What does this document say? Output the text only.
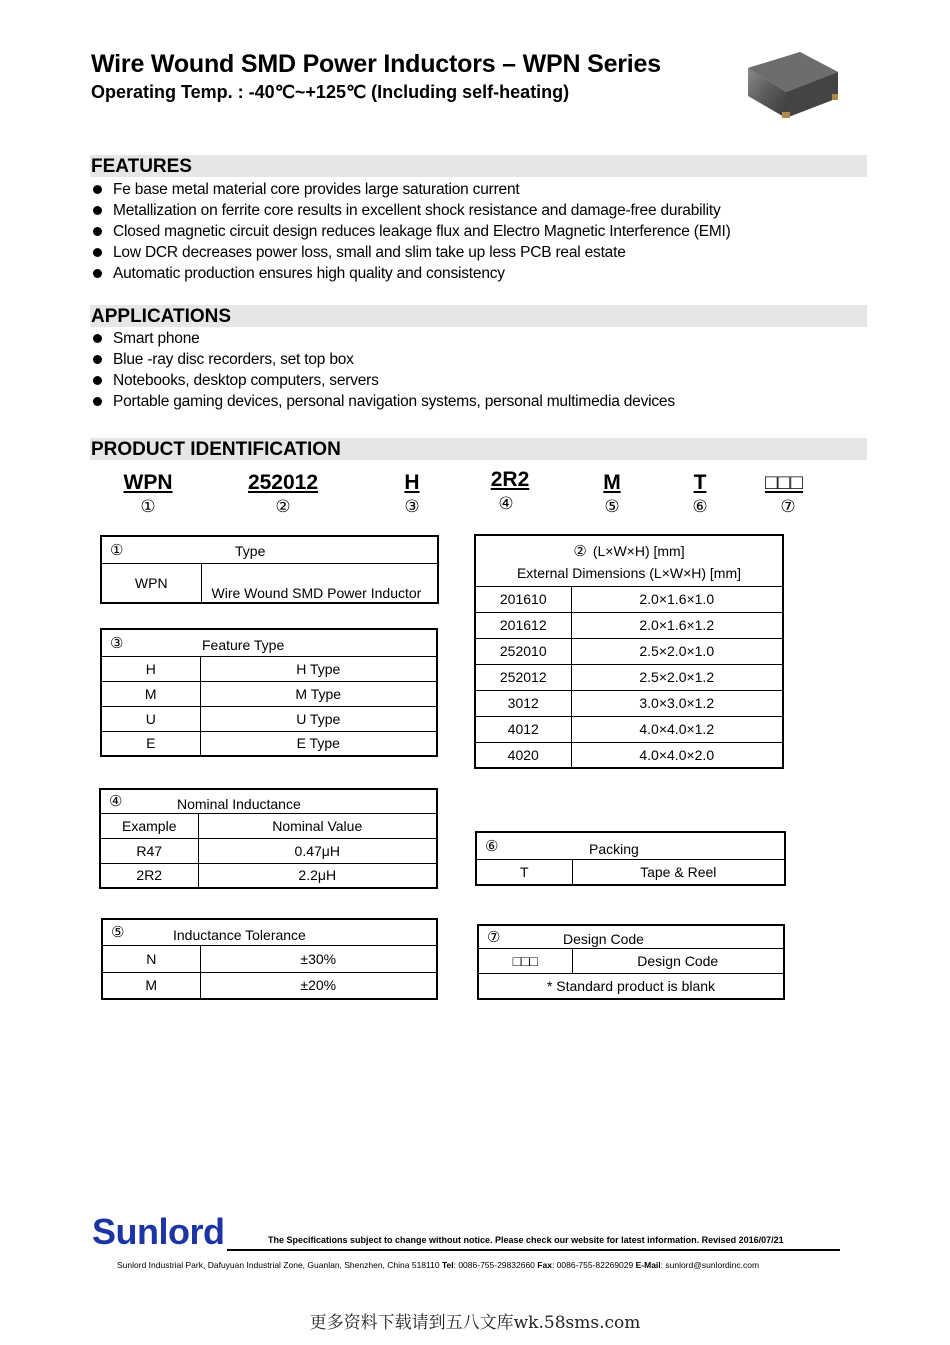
Wire Wound SMD Power Inductors – WPN Series
Operating Temp. : -40℃~+125℃ (Including self-heating)
FEATURES
Fe base metal material core provides large saturation current
Metallization on ferrite core results in excellent shock resistance and damage-free durability
Closed magnetic circuit design reduces leakage flux and Electro Magnetic Interference (EMI)
Low DCR decreases power loss, small and slim take up less PCB real estate
Automatic production ensures high quality and consistency
APPLICATIONS
Smart phone
Blue -ray disc recorders, set top box
Notebooks, desktop computers, servers
Portable gaming devices, personal navigation systems, personal multimedia devices
PRODUCT IDENTIFICATION
WPN
①
252012
②
H
③
2R2
④
M
⑤
T
⑥
□□□
⑦
①	Type

WPN	Wire Wound SMD Power Inductor
③ Feature Type	

H	H Type
M	M Type
U	U Type
E	E Type
④ Nominal Inductance	

Example	Nominal Value
R47	0.47μH
2R2	2.2μH
⑤ Inductance Tolerance	

N	±30%
M	±20%
② (L×W×H) [mm]	
External Dimensions (L×W×H) [mm]	
201610	2.0×1.6×1.0
201612	2.0×1.6×1.2
252010	2.5×2.0×1.0
252012	2.5×2.0×1.2
3012	3.0×3.0×1.2
4012	4.0×4.0×1.2
4020	4.0×4.0×2.0
⑥	Packing

T	Tape & Reel
⑦	Design Code

□□□	Design Code
* Standard product is blank
Sunlord	The Specifications subject to change without notice. Please check our website for latest information. Revised 2016/07/21
Sunlord Industrial Park, Dafuyuan Industrial Zone, Guanlan, Shenzhen, China 518110 Tel: 0086-755-29832660 Fax: 0086-755-82269029 E-Mail: sunlord@sunlordinc.com
更多资料下载请到五八文库wk.58sms.com
